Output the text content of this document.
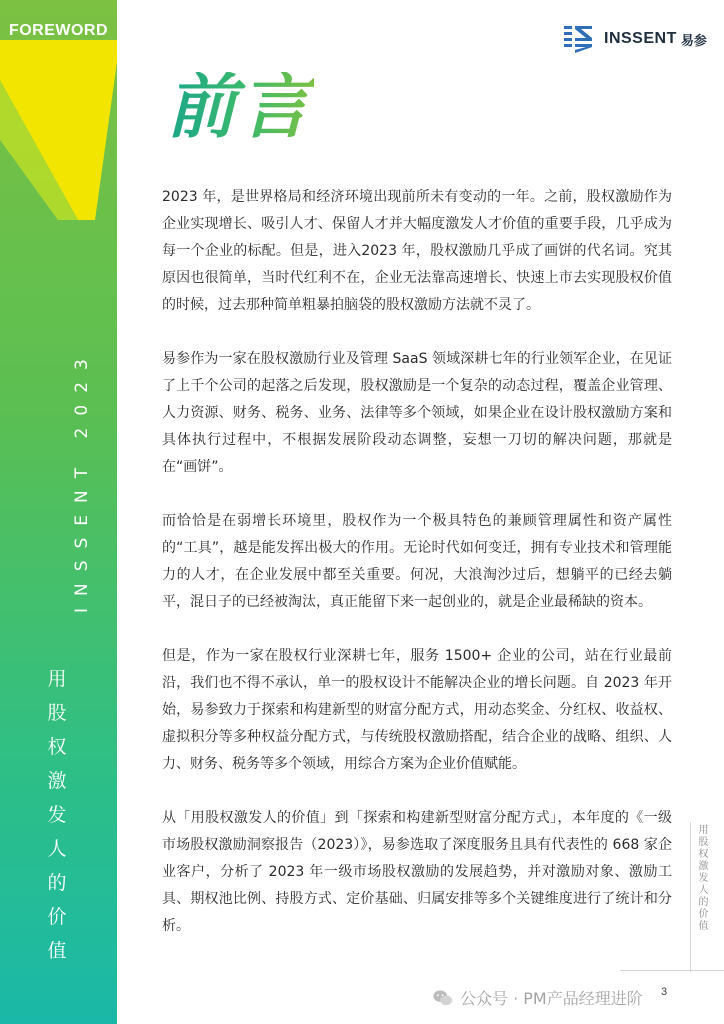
FOREWORD
INSSENT 2023
用股权激发人的价值
INSSENT 易参
前言

2023 年，是世界格局和经济环境出现前所未有变动的一年。之前，股权激励作为企业实现增长、吸引人才、保留人才并大幅度激发人才价值的重要手段，几乎成为每一个企业的标配。但是，进入2023 年，股权激励几乎成了画饼的代名词。究其原因也很简单，当时代红利不在，企业无法靠高速增长、快速上市去实现股权价值的时候，过去那种简单粗暴拍脑袋的股权激励方法就不灵了。

易参作为一家在股权激励行业及管理 SaaS 领域深耕七年的行业领军企业，在见证了上千个公司的起落之后发现，股权激励是一个复杂的动态过程，覆盖企业管理、人力资源、财务、税务、业务、法律等多个领域，如果企业在设计股权激励方案和具体执行过程中，不根据发展阶段动态调整，妄想一刀切的解决问题，那就是在“画饼”。

而恰恰是在弱增长环境里，股权作为一个极具特色的兼顾管理属性和资产属性的“工具”，越是能发挥出极大的作用。无论时代如何变迁，拥有专业技术和管理能力的人才，在企业发展中都至关重要。何况，大浪淘沙过后，想躺平的已经去躺平，混日子的已经被淘汰，真正能留下来一起创业的，就是企业最稀缺的资本。

但是，作为一家在股权行业深耕七年，服务 1500+ 企业的公司，站在行业最前沿，我们也不得不承认，单一的股权设计不能解决企业的增长问题。自 2023 年开始，易参致力于探索和构建新型的财富分配方式，用动态奖金、分红权、收益权、虚拟积分等多种权益分配方式，与传统股权激励搭配，结合企业的战略、组织、人力、财务、税务等多个领域，用综合方案为企业价值赋能。

从「用股权激发人的价值」到「探索和构建新型财富分配方式」，本年度的《一级市场股权激励洞察报告（2023）》，易参选取了深度服务且具有代表性的 668 家企业客户，分析了 2023 年一级市场股权激励的发展趋势，并对激励对象、激励工具、期权池比例、持股方式、定价基础、归属安排等多个关键维度进行了统计和分析。	用股权激发人的价值
公众号 · PM产品经理进阶 3
